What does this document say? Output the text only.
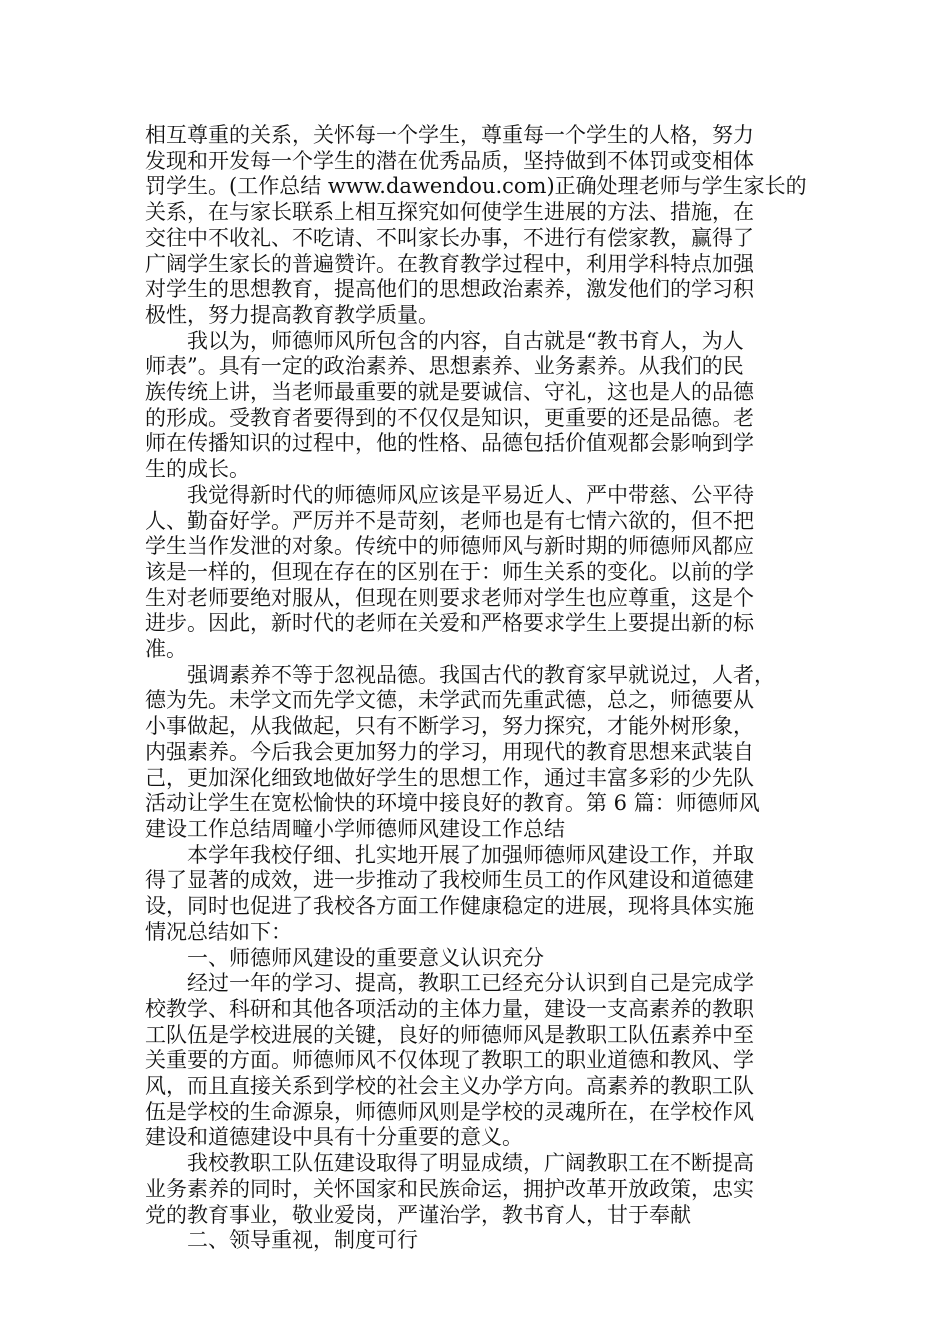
相互尊重的关系，关怀每一个学生，尊重每一个学生的人格，努力
发现和开发每一个学生的潜在优秀品质，坚持做到不体罚或变相体
罚学生。(工作总结 www.dawendou.com)正确处理老师与学生家长的
关系，在与家长联系上相互探究如何使学生进展的方法、措施，在
交往中不收礼、不吃请、不叫家长办事，不进行有偿家教，赢得了
广阔学生家长的普遍赞许。在教育教学过程中，利用学科特点加强
对学生的思想教育，提高他们的思想政治素养，激发他们的学习积
极性，努力提高教育教学质量。
我以为，师德师风所包含的内容，自古就是“教书育人，为人
师表”。具有一定的政治素养、思想素养、业务素养。从我们的民
族传统上讲，当老师最重要的就是要诚信、守礼，这也是人的品德
的形成。受教育者要得到的不仅仅是知识，更重要的还是品德。老
师在传播知识的过程中，他的性格、品德包括价值观都会影响到学
生的成长。
我觉得新时代的师德师风应该是平易近人、严中带慈、公平待
人、勤奋好学。严厉并不是苛刻，老师也是有七情六欲的，但不把
学生当作发泄的对象。传统中的师德师风与新时期的师德师风都应
该是一样的，但现在存在的区别在于：师生关系的变化。以前的学
生对老师要绝对服从，但现在则要求老师对学生也应尊重，这是个
进步。因此，新时代的老师在关爱和严格要求学生上要提出新的标
准。
强调素养不等于忽视品德。我国古代的教育家早就说过，人者，
德为先。未学文而先学文德，未学武而先重武德，总之，师德要从
小事做起，从我做起，只有不断学习，努力探究，才能外树形象，
内强素养。今后我会更加努力的学习，用现代的教育思想来武装自
己，更加深化细致地做好学生的思想工作，通过丰富多彩的少先队
活动让学生在宽松愉快的环境中接良好的教育。第 6 篇：师德师风
建设工作总结周疃小学师德师风建设工作总结
本学年我校仔细、扎实地开展了加强师德师风建设工作，并取
得了显著的成效，进一步推动了我校师生员工的作风建设和道德建
设，同时也促进了我校各方面工作健康稳定的进展，现将具体实施
情况总结如下：
一、师德师风建设的重要意义认识充分
经过一年的学习、提高，教职工已经充分认识到自己是完成学
校教学、科研和其他各项活动的主体力量，建设一支高素养的教职
工队伍是学校进展的关键，良好的师德师风是教职工队伍素养中至
关重要的方面。师德师风不仅体现了教职工的职业道德和教风、学
风，而且直接关系到学校的社会主义办学方向。高素养的教职工队
伍是学校的生命源泉，师德师风则是学校的灵魂所在，在学校作风
建设和道德建设中具有十分重要的意义。
我校教职工队伍建设取得了明显成绩，广阔教职工在不断提高
业务素养的同时，关怀国家和民族命运，拥护改革开放政策，忠实
党的教育事业，敬业爱岗，严谨治学，教书育人，甘于奉献
二、领导重视，制度可行
